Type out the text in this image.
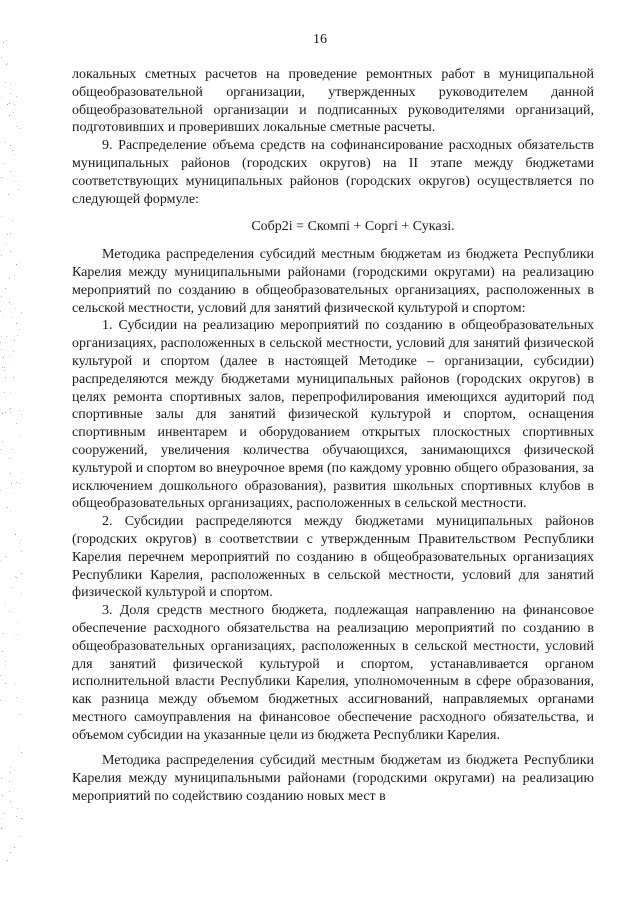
16

локальных сметных расчетов на проведение ремонтных работ в муниципальной общеобразовательной организации, утвержденных руководителем данной общеобразовательной организации и подписанных руководителями организаций, подготовивших и проверивших локальные сметные расчеты.

9. Распределение объема средств на софинансирование расходных обязательств муниципальных районов (городских округов) на II этапе между бюджетами соответствующих муниципальных районов (городских округов) осуществляется по следующей формуле:

Собр2i = Скомпi + Сoргi + Сукaзi.

Методика распределения субсидий местным бюджетам из бюджета Республики Карелия между муниципальными районами (городскими округами) на реализацию мероприятий по созданию в общеобразовательных организациях, расположенных в сельской местности, условий для занятий физической культурой и спортом:

1. Субсидии на реализацию мероприятий по созданию в общеобразовательных организациях, расположенных в сельской местности, условий для занятий физической культурой и спортом (далее в настоящей Методике – организации, субсидии) распределяются между бюджетами муниципальных районов (городских округов) в целях ремонта спортивных залов, перепрофилирования имеющихся аудиторий под спортивные залы для занятий физической культурой и спортом, оснащения спортивным инвентарем и оборудованием открытых плоскостных спортивных сооружений, увеличения количества обучающихся, занимающихся физической культурой и спортом во внеурочное время (по каждому уровню общего образования, за исключением дошкольного образования), развития школьных спортивных клубов в общеобразовательных организациях, расположенных в сельской местности.

2. Субсидии распределяются между бюджетами муниципальных районов (городских округов) в соответствии с утвержденным Правительством Республики Карелия перечнем мероприятий по созданию в общеобразовательных организациях Республики Карелия, расположенных в сельской местности, условий для занятий физической культурой и спортом.

3. Доля средств местного бюджета, подлежащая направлению на финансовое обеспечение расходного обязательства на реализацию мероприятий по созданию в общеобразовательных организациях, расположенных в сельской местности, условий для занятий физической культурой и спортом, устанавливается органом исполнительной власти Республики Карелия, уполномоченным в сфере образования, как разница между объемом бюджетных ассигнований, направляемых органами местного самоуправления на финансовое обеспечение расходного обязательства, и объемом субсидии на указанные цели из бюджета Республики Карелия.

Методика распределения субсидий местным бюджетам из бюджета Республики Карелия между муниципальными районами (городскими округами) на реализацию мероприятий по содействию созданию новых мест в
